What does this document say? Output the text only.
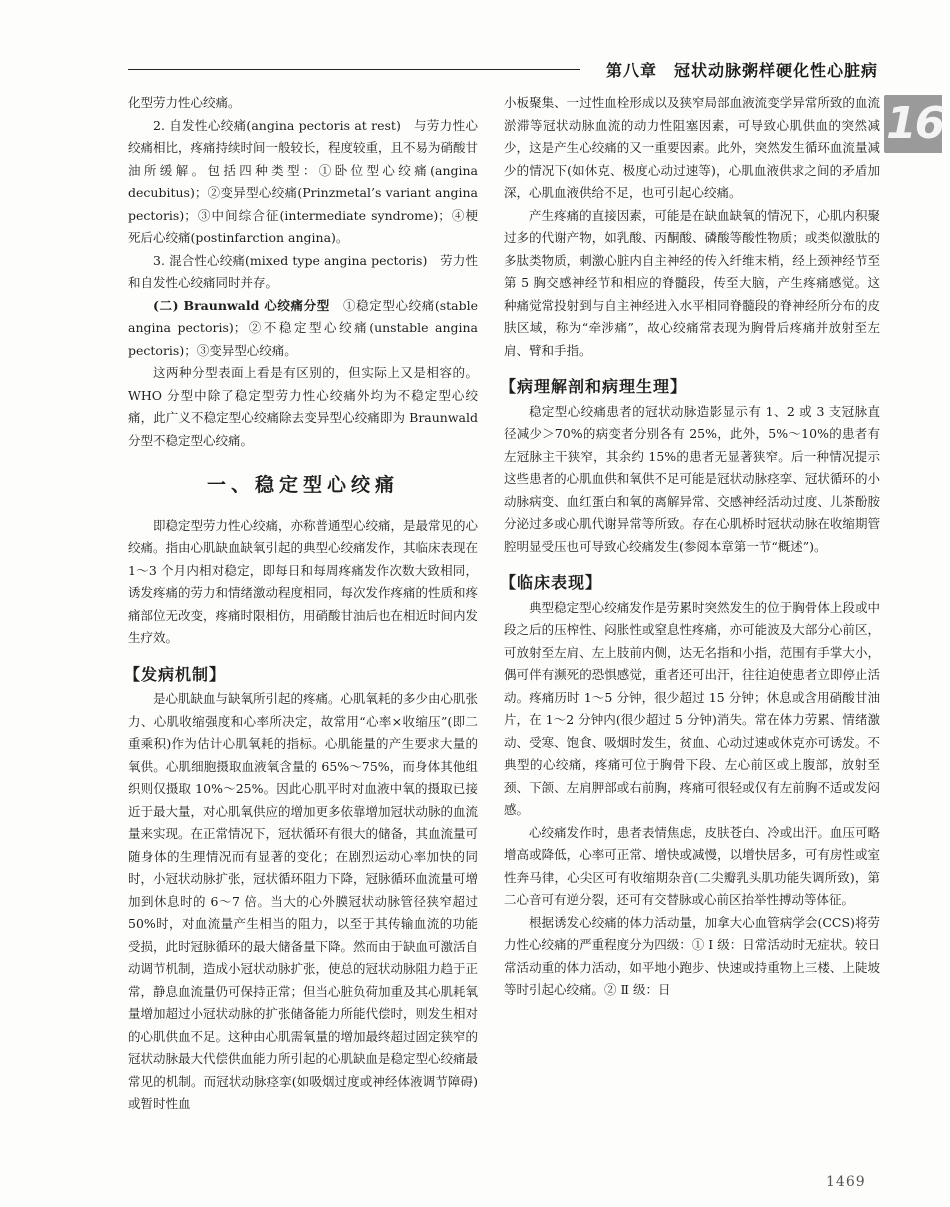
第八章　冠状动脉粥样硬化性心脏病
16

化型劳力性心绞痛。

2. 自发性心绞痛(angina pectoris at rest)　与劳力性心绞痛相比，疼痛持续时间一般较长，程度较重，且不易为硝酸甘油所缓解。包括四种类型：①卧位型心绞痛(angina decubitus)；②变异型心绞痛(Prinzmetal’s variant angina pectoris)；③中间综合征(intermediate syndrome)；④梗死后心绞痛(postinfarction angina)。

3. 混合性心绞痛(mixed type angina pectoris)　劳力性和自发性心绞痛同时并存。

(二) Braunwald 心绞痛分型　①稳定型心绞痛(stable angina pectoris)；②不稳定型心绞痛(unstable angina pectoris)；③变异型心绞痛。

这两种分型表面上看是有区别的，但实际上又是相容的。WHO 分型中除了稳定型劳力性心绞痛外均为不稳定型心绞痛，此广义不稳定型心绞痛除去变异型心绞痛即为 Braunwald 分型不稳定型心绞痛。

一、稳定型心绞痛

即稳定型劳力性心绞痛，亦称普通型心绞痛，是最常见的心绞痛。指由心肌缺血缺氧引起的典型心绞痛发作，其临床表现在 1～3 个月内相对稳定，即每日和每周疼痛发作次数大致相同，诱发疼痛的劳力和情绪激动程度相同，每次发作疼痛的性质和疼痛部位无改变，疼痛时限相仿，用硝酸甘油后也在相近时间内发生疗效。

【发病机制】

是心肌缺血与缺氧所引起的疼痛。心肌氧耗的多少由心肌张力、心肌收缩强度和心率所决定，故常用“心率×收缩压”(即二重乘积)作为估计心肌氧耗的指标。心肌能量的产生要求大量的氧供。心肌细胞摄取血液氧含量的 65%～75%，而身体其他组织则仅摄取 10%～25%。因此心肌平时对血液中氧的摄取已接近于最大量，对心肌氧供应的增加更多依靠增加冠状动脉的血流量来实现。在正常情况下，冠状循环有很大的储备，其血流量可随身体的生理情况而有显著的变化；在剧烈运动心率加快的同时，小冠状动脉扩张，冠状循环阻力下降，冠脉循环血流量可增加到休息时的 6～7 倍。当大的心外膜冠状动脉管径狭窄超过 50%时，对血流量产生相当的阻力，以至于其传输血流的功能受损，此时冠脉循环的最大储备量下降。然而由于缺血可激活自动调节机制，造成小冠状动脉扩张，使总的冠状动脉阻力趋于正常，静息血流量仍可保持正常；但当心脏负荷加重及其心肌耗氧量增加超过小冠状动脉的扩张储备能力所能代偿时，则发生相对的心肌供血不足。这种由心肌需氧量的增加最终超过固定狭窄的冠状动脉最大代偿供血能力所引起的心肌缺血是稳定型心绞痛最常见的机制。而冠状动脉痉挛(如吸烟过度或神经体液调节障碍)或暂时性血

小板聚集、一过性血栓形成以及狭窄局部血液流变学异常所致的血流淤滞等冠状动脉血流的动力性阻塞因素，可导致心肌供血的突然减少，这是产生心绞痛的又一重要因素。此外，突然发生循环血流量减少的情况下(如休克、极度心动过速等)，心肌血液供求之间的矛盾加深，心肌血液供给不足，也可引起心绞痛。

产生疼痛的直接因素，可能是在缺血缺氧的情况下，心肌内积聚过多的代谢产物，如乳酸、丙酮酸、磷酸等酸性物质；或类似激肽的多肽类物质，刺激心脏内自主神经的传入纤维末梢，经上颈神经节至第 5 胸交感神经节和相应的脊髓段，传至大脑，产生疼痛感觉。这种痛觉常投射到与自主神经进入水平相同脊髓段的脊神经所分布的皮肤区域，称为“牵涉痛”，故心绞痛常表现为胸骨后疼痛并放射至左肩、臂和手指。

【病理解剖和病理生理】

稳定型心绞痛患者的冠状动脉造影显示有 1、2 或 3 支冠脉直径减少＞70%的病变者分别各有 25%，此外，5%～10%的患者有左冠脉主干狭窄，其余约 15%的患者无显著狭窄。后一种情况提示这些患者的心肌血供和氧供不足可能是冠状动脉痉挛、冠状循环的小动脉病变、血红蛋白和氧的离解异常、交感神经活动过度、儿茶酚胺分泌过多或心肌代谢异常等所致。存在心肌桥时冠状动脉在收缩期管腔明显受压也可导致心绞痛发生(参阅本章第一节“概述”)。

【临床表现】

典型稳定型心绞痛发作是劳累时突然发生的位于胸骨体上段或中段之后的压榨性、闷胀性或窒息性疼痛，亦可能波及大部分心前区，可放射至左肩、左上肢前内侧，达无名指和小指，范围有手掌大小，偶可伴有濒死的恐惧感觉，重者还可出汗，往往迫使患者立即停止活动。疼痛历时 1～5 分钟，很少超过 15 分钟；休息或含用硝酸甘油片，在 1～2 分钟内(很少超过 5 分钟)消失。常在体力劳累、情绪激动、受寒、饱食、吸烟时发生，贫血、心动过速或休克亦可诱发。不典型的心绞痛，疼痛可位于胸骨下段、左心前区或上腹部，放射至颈、下颌、左肩胛部或右前胸，疼痛可很轻或仅有左前胸不适或发闷感。

心绞痛发作时，患者表情焦虑，皮肤苍白、冷或出汗。血压可略增高或降低，心率可正常、增快或减慢，以增快居多，可有房性或室性奔马律，心尖区可有收缩期杂音(二尖瓣乳头肌功能失调所致)，第二心音可有逆分裂，还可有交替脉或心前区抬举性搏动等体征。

根据诱发心绞痛的体力活动量，加拿大心血管病学会(CCS)将劳力性心绞痛的严重程度分为四级：① Ⅰ 级：日常活动时无症状。较日常活动重的体力活动，如平地小跑步、快速或持重物上三楼、上陡坡等时引起心绞痛。② Ⅱ 级：日

1469
